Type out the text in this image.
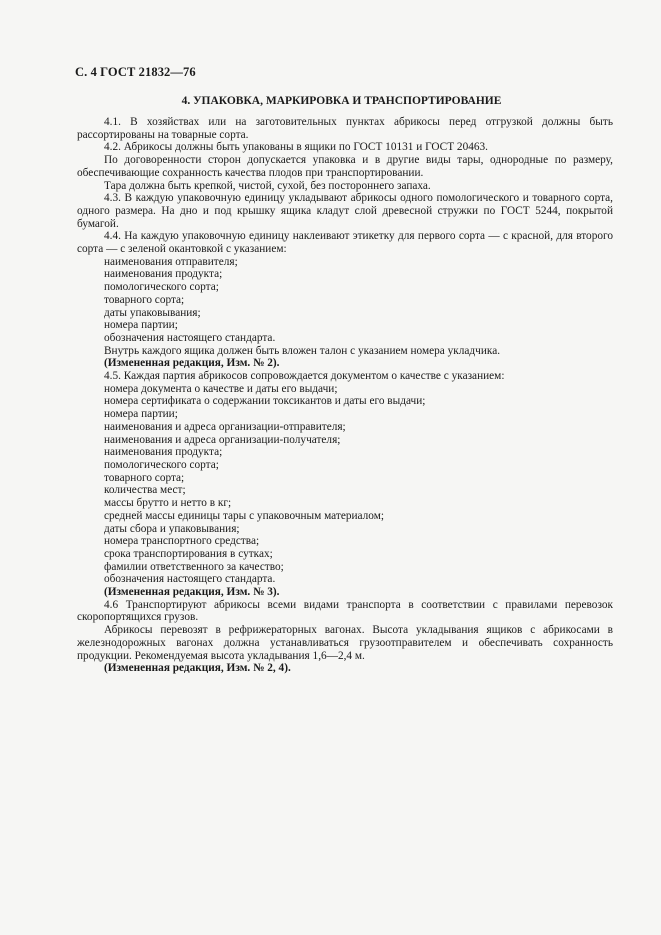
С. 4 ГОСТ 21832—76
4. УПАКОВКА, МАРКИРОВКА И ТРАНСПОРТИРОВАНИЕ

4.1. В хозяйствах или на заготовительных пунктах абрикосы перед отгрузкой должны быть рассортированы на товарные сорта.

4.2. Абрикосы должны быть упакованы в ящики по ГОСТ 10131 и ГОСТ 20463.

По договоренности сторон допускается упаковка и в другие виды тары, однородные по размеру, обеспечивающие сохранность качества плодов при транспортировании.

Тара должна быть крепкой, чистой, сухой, без постороннего запаха.

4.3. В каждую упаковочную единицу укладывают абрикосы одного помологического и товарного сорта, одного размера. На дно и под крышку ящика кладут слой древесной стружки по ГОСТ 5244, покрытой бумагой.

4.4. На каждую упаковочную единицу наклеивают этикетку для первого сорта — с красной, для второго сорта — с зеленой окантовкой с указанием:

наименования отправителя;

наименования продукта;

помологического сорта;

товарного сорта;

даты упаковывания;

номера партии;

обозначения настоящего стандарта.

Внутрь каждого ящика должен быть вложен талон с указанием номера укладчика.

(Измененная редакция, Изм. № 2).

4.5. Каждая партия абрикосов сопровождается документом о качестве с указанием:

номера документа о качестве и даты его выдачи;

номера сертификата о содержании токсикантов и даты его выдачи;

номера партии;

наименования и адреса организации-отправителя;

наименования и адреса организации-получателя;

наименования продукта;

помологического сорта;

товарного сорта;

количества мест;

массы брутто и нетто в кг;

средней массы единицы тары с упаковочным материалом;

даты сбора и упаковывания;

номера транспортного средства;

срока транспортирования в сутках;

фамилии ответственного за качество;

обозначения настоящего стандарта.

(Измененная редакция, Изм. № 3).

4.6 Транспортируют абрикосы всеми видами транспорта в соответствии с правилами перевозок скоропортящихся грузов.

Абрикосы перевозят в рефрижераторных вагонах. Высота укладывания ящиков с абрикосами в железнодорожных вагонах должна устанавливаться грузоотправителем и обеспечивать сохранность продукции. Рекомендуемая высота укладывания 1,6—2,4 м.

(Измененная редакция, Изм. № 2, 4).
